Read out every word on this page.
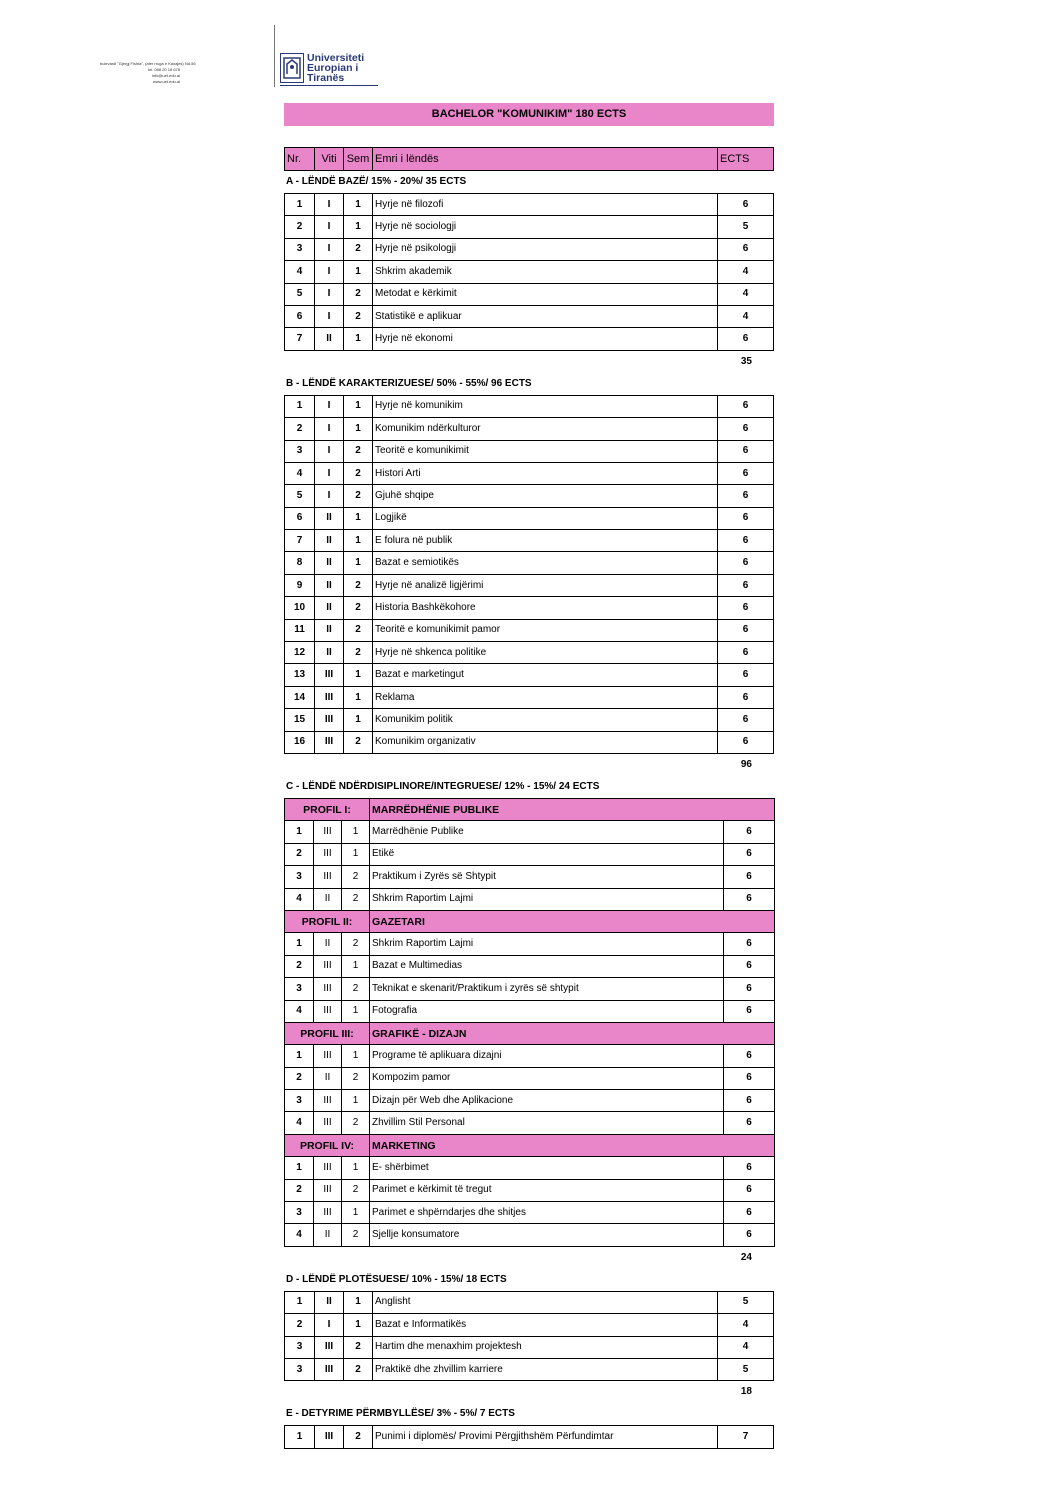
bulevardi "Gjergj Fishta", (afer rruga e Kavajes) Nd.56
tel. 068 20 18 678
info@uet.edu.al
www.uet.edu.al
Universiteti
Europian i
Tiranës
BACHELOR "KOMUNIKIM" 180 ECTS
Nr.	Viti	Sem	Emri i lëndës	ECTS
A - LËNDË BAZË/ 15% - 20%/ 35 ECTS
1	I	1	Hyrje në filozofi	6
2	I	1	Hyrje në sociologji	5
3	I	2	Hyrje në psikologji	6
4	I	1	Shkrim akademik	4
5	I	2	Metodat e kërkimit	4
6	I	2	Statistikë e aplikuar	4
7	II	1	Hyrje në ekonomi	6
35
B - LËNDË KARAKTERIZUESE/ 50% - 55%/ 96 ECTS
1	I	1	Hyrje në komunikim	6
2	I	1	Komunikim ndërkulturor	6
3	I	2	Teoritë e komunikimit	6
4	I	2	Histori Arti	6
5	I	2	Gjuhë shqipe	6
6	II	1	Logjikë	6
7	II	1	E folura në publik	6
8	II	1	Bazat e semiotikës	6
9	II	2	Hyrje në analizë ligjërimi	6
10	II	2	Historia Bashkëkohore	6
11	II	2	Teoritë e komunikimit pamor	6
12	II	2	Hyrje në shkenca politike	6
13	III	1	Bazat e marketingut	6
14	III	1	Reklama	6
15	III	1	Komunikim politik	6
16	III	2	Komunikim organizativ	6
96
C - LËNDË NDËRDISIPLINORE/INTEGRUESE/ 12% - 15%/ 24 ECTS
PROFIL I:			MARRËDHËNIE PUBLIKE	
1	III	1	Marrëdhënie Publike	6
2	III	1	Etikë	6
3	III	2	Praktikum i Zyrës së Shtypit	6
4	II	2	Shkrim Raportim Lajmi	6
PROFIL II:			GAZETARI	
1	II	2	Shkrim Raportim Lajmi	6
2	III	1	Bazat e Multimedias	6
3	III	2	Teknikat e skenarit/Praktikum i zyrës së shtypit	6
4	III	1	Fotografia	6
PROFIL III:			GRAFIKË - DIZAJN	
1	III	1	Programe të aplikuara dizajni	6
2	II	2	Kompozim pamor	6
3	III	1	Dizajn për Web dhe Aplikacione	6
4	III	2	Zhvillim Stil Personal	6
PROFIL IV:			MARKETING	
1	III	1	E- shërbimet	6
2	III	2	Parimet e kërkimit të tregut	6
3	III	1	Parimet e shpërndarjes dhe shitjes	6
4	II	2	Sjellje konsumatore	6
24
D - LËNDË PLOTËSUESE/ 10% - 15%/ 18 ECTS
1	II	1	Anglisht	5
2	I	1	Bazat e Informatikës	4
3	III	2	Hartim dhe menaxhim projektesh	4
3	III	2	Praktikë dhe zhvillim karriere	5
18
E - DETYRIME PËRMBYLLËSE/ 3% - 5%/ 7 ECTS
1	III	2	Punimi i diplomës/ Provimi Përgjithshëm Përfundimtar	7
